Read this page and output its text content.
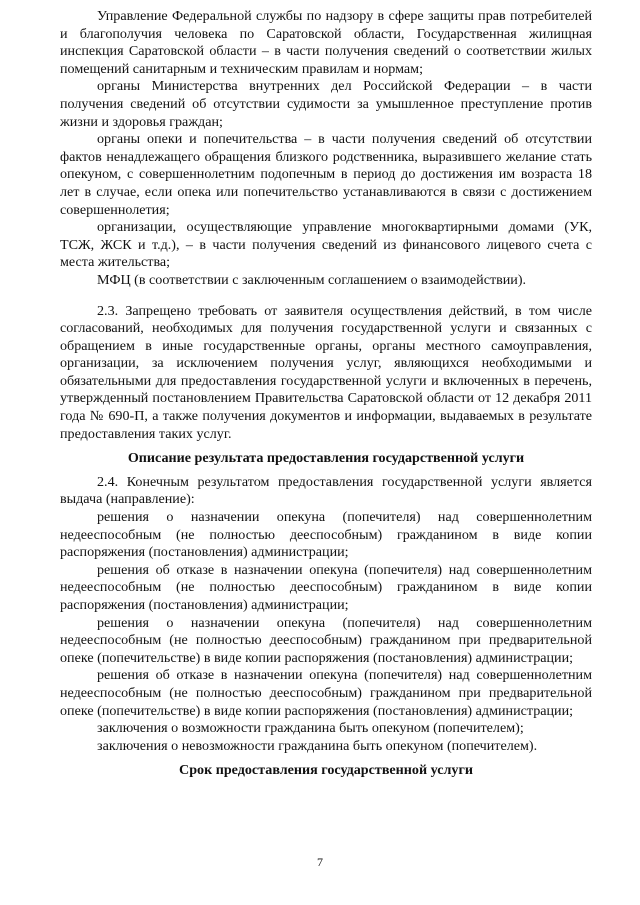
Управление Федеральной службы по надзору в сфере защиты прав потребителей и благополучия человека по Саратовской области, Государственная жилищная инспекция Саратовской области – в части получения сведений о соответствии жилых помещений санитарным и техническим правилам и нормам;

органы Министерства внутренних дел Российской Федерации – в части получения сведений об отсутствии судимости за умышленное преступление против жизни и здоровья граждан;

органы опеки и попечительства – в части получения сведений об отсутствии фактов ненадлежащего обращения близкого родственника, выразившего желание стать опекуном, с совершеннолетним подопечным в период до достижения им возраста 18 лет в случае, если опека или попечительство устанавливаются в связи с достижением совершеннолетия;

организации, осуществляющие управление многоквартирными домами (УК, ТСЖ, ЖСК и т.д.), – в части получения сведений из финансового лицевого счета с места жительства;

МФЦ (в соответствии с заключенным соглашением о взаимодействии).

2.3. Запрещено требовать от заявителя осуществления действий, в том числе согласований, необходимых для получения государственной услуги и связанных с обращением в иные государственные органы, органы местного самоуправления, организации, за исключением получения услуг, являющихся необходимыми и обязательными для предоставления государственной услуги и включенных в перечень, утвержденный постановлением Правительства Саратовской области от 12 декабря 2011 года № 690-П, а также получения документов и информации, выдаваемых в результате предоставления таких услуг.

Описание результата предоставления государственной услуги

2.4. Конечным результатом предоставления государственной услуги является выдача (направление):

решения о назначении опекуна (попечителя) над совершеннолетним недееспособным (не полностью дееспособным) гражданином в виде копии распоряжения (постановления) администрации;

решения об отказе в назначении опекуна (попечителя) над совершеннолетним недееспособным (не полностью дееспособным) гражданином в виде копии распоряжения (постановления) администрации;

решения о назначении опекуна (попечителя) над совершеннолетним недееспособным (не полностью дееспособным) гражданином при предварительной опеке (попечительстве) в виде копии распоряжения (постановления) администрации;

решения об отказе в назначении опекуна (попечителя) над совершеннолетним недееспособным (не полностью дееспособным) гражданином при предварительной опеке (попечительстве) в виде копии распоряжения (постановления) администрации;

заключения о возможности гражданина быть опекуном (попечителем);

заключения о невозможности гражданина быть опекуном (попечителем).

Срок предоставления государственной услуги
7
